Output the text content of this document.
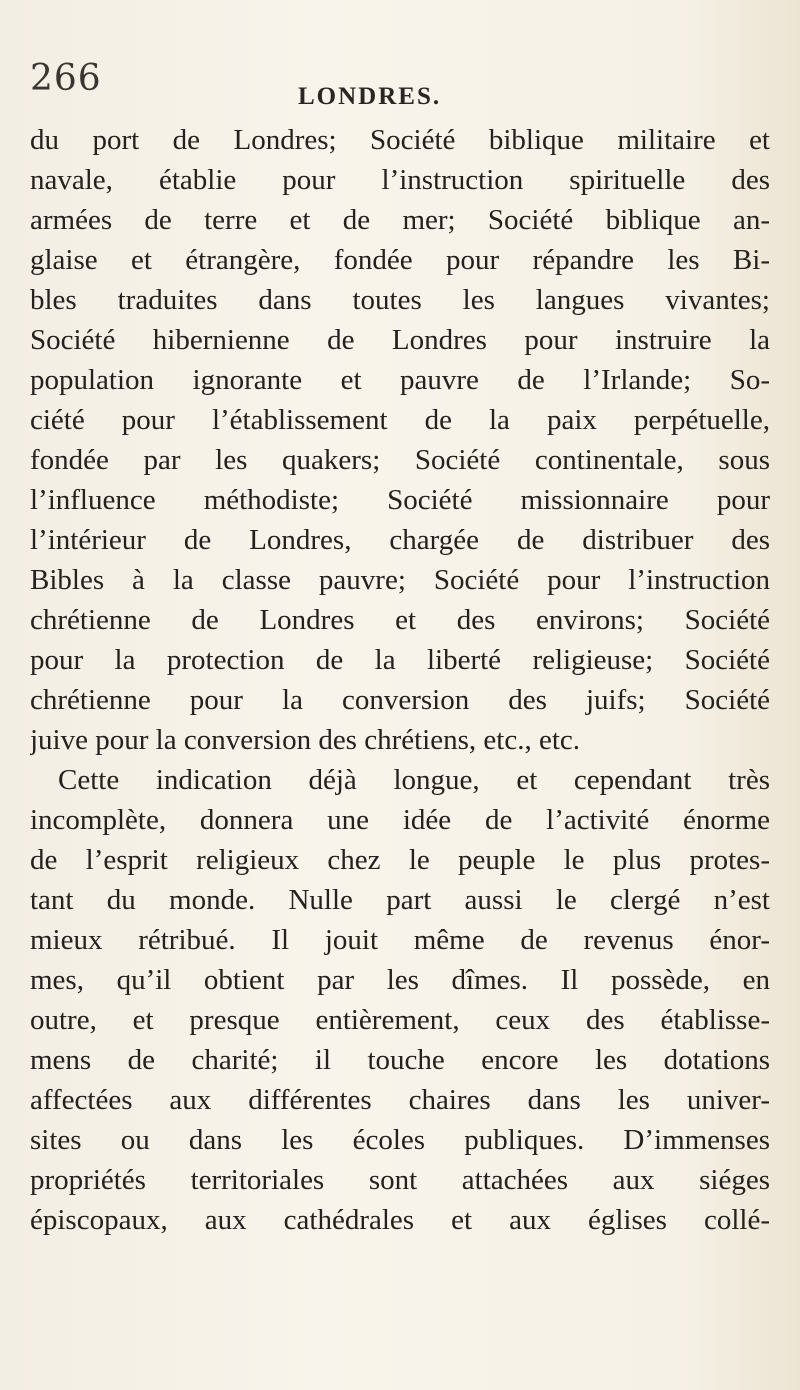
266	LONDRES.
du port de Londres; Société biblique militaire et
navale, établie pour l’instruction spirituelle des
armées de terre et de mer; Société biblique an-
glaise et étrangère, fondée pour répandre les Bi-
bles traduites dans toutes les langues vivantes;
Société hibernienne de Londres pour instruire la
population ignorante et pauvre de l’Irlande; So-
ciété pour l’établissement de la paix perpétuelle,
fondée par les quakers; Société continentale, sous
l’influence méthodiste; Société missionnaire pour
l’intérieur de Londres, chargée de distribuer des
Bibles à la classe pauvre; Société pour l’instruction
chrétienne de Londres et des environs; Société
pour la protection de la liberté religieuse; Société
chrétienne pour la conversion des juifs; Société
juive pour la conversion des chrétiens, etc., etc.
Cette indication déjà longue, et cependant très
incomplète, donnera une idée de l’activité énorme
de l’esprit religieux chez le peuple le plus protes-
tant du monde. Nulle part aussi le clergé n’est
mieux rétribué. Il jouit même de revenus énor-
mes, qu’il obtient par les dîmes. Il possède, en
outre, et presque entièrement, ceux des établisse-
mens de charité; il touche encore les dotations
affectées aux différentes chaires dans les univer-
sites ou dans les écoles publiques. D’immenses
propriétés territoriales sont attachées aux siéges
épiscopaux, aux cathédrales et aux églises collé-
